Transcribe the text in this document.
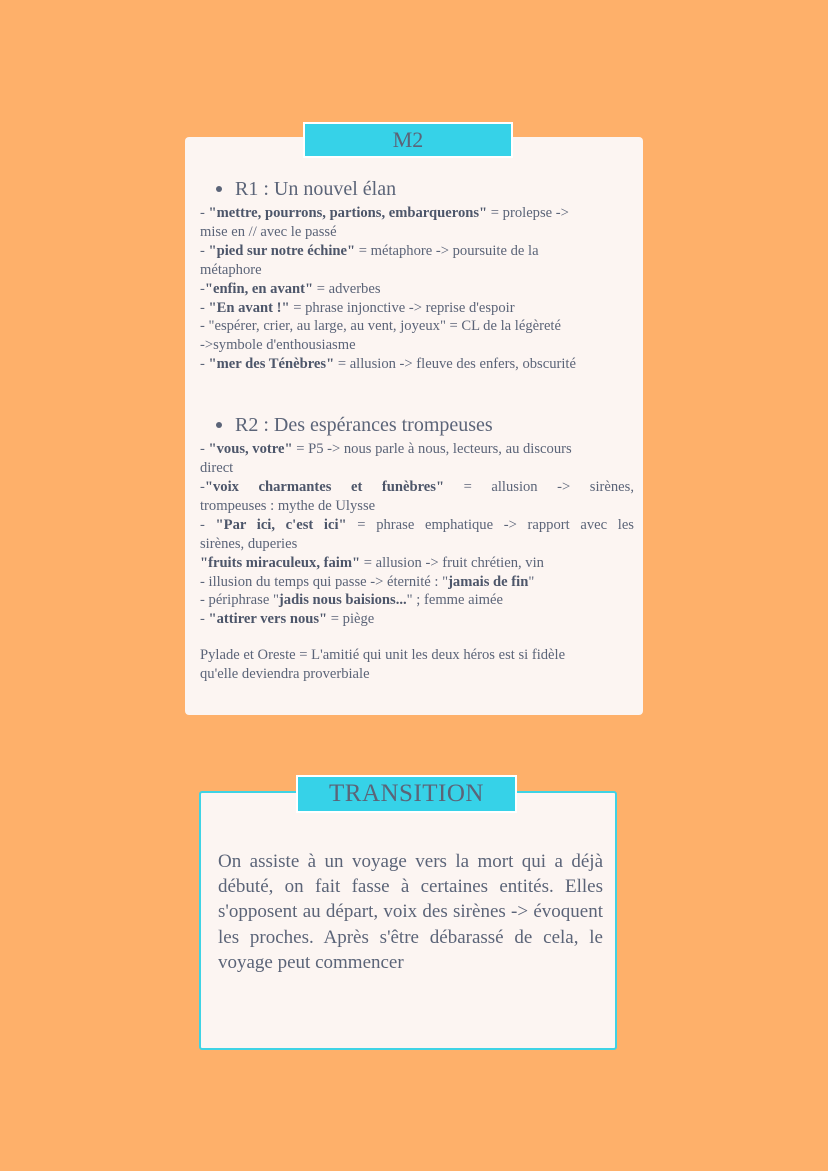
M2
R1 : Un nouvel élan

- "mettre, pourrons, partions, embarquerons" = prolepse ->

mise en // avec le passé

- "pied sur notre échine" = métaphore -> poursuite de la

métaphore

-"enfin, en avant" = adverbes

- "En avant !" = phrase injonctive -> reprise d'espoir

- "espérer, crier, au large, au vent, joyeux" = CL de la légèreté

->symbole d'enthousiasme

- "mer des Ténèbres" = allusion -> fleuve des enfers, obscurité

R2 : Des espérances trompeuses

- "vous, votre" = P5 -> nous parle à nous, lecteurs, au discours

direct

-"voix charmantes et funèbres" = allusion -> sirènes,

trompeuses : mythe de Ulysse

- "Par ici, c'est ici" = phrase emphatique -> rapport avec les

sirènes, duperies

"fruits miraculeux, faim" = allusion -> fruit chrétien, vin

- illusion du temps qui passe -> éternité : "jamais de fin"

- périphrase "jadis nous baisions..." ; femme aimée

- "attirer vers nous" = piège

Pylade et Oreste = L'amitié qui unit les deux héros est si fidèle

qu'elle deviendra proverbiale

TRANSITION

On assiste à un voyage vers la mort qui a déjà débuté, on fait fasse à certaines entités. Elles s'opposent au départ, voix des sirènes -> évoquent les proches. Après s'être débarassé de cela, le voyage peut commencer
